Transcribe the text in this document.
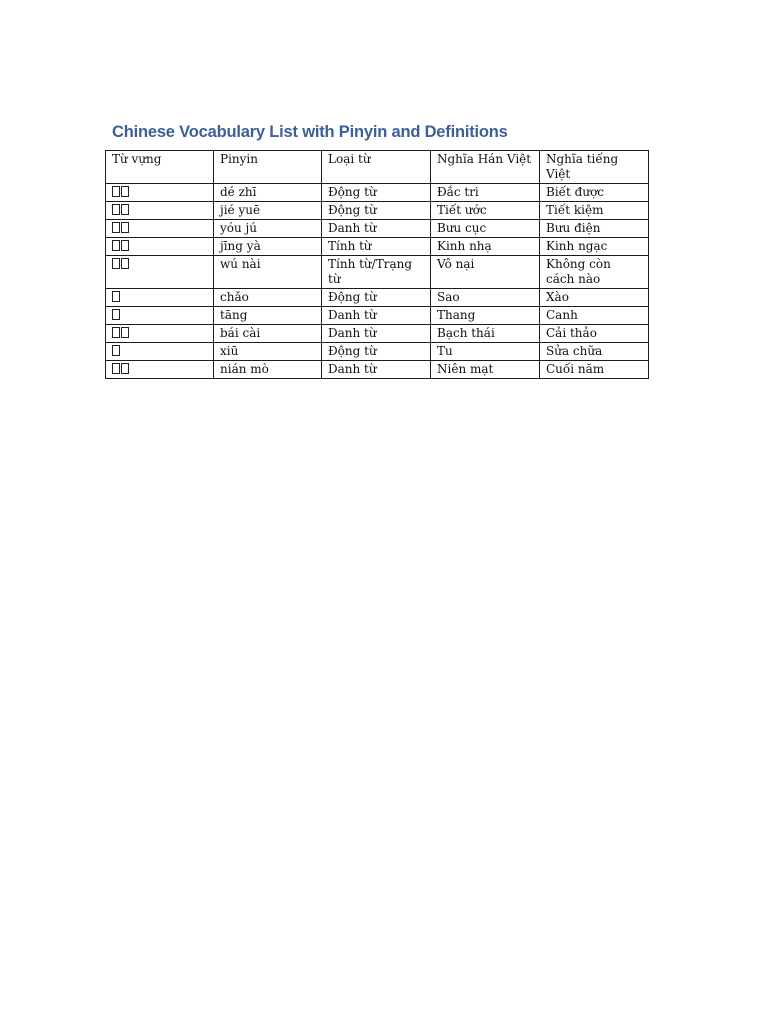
Chinese Vocabulary List with Pinyin and Definitions
Từ vựng	Pinyin	Loại từ	Nghĩa Hán Việt	Nghĩa tiếng Việt

	dé zhī	Động từ	Đắc tri	Biết được

	jié yuē	Động từ	Tiết ước	Tiết kiệm

	yóu jú	Danh từ	Bưu cục	Bưu điện

	jīng yà	Tính từ	Kinh nhạ	Kinh ngạc

	wú nài	Tính từ/Trạng từ	Vô nại	Không còn cách nào

	chǎo	Động từ	Sao	Xào

	tāng	Danh từ	Thang	Canh

	bái cài	Danh từ	Bạch thái	Cải thảo

	xiū	Động từ	Tu	Sửa chữa

	nián mò	Danh từ	Niên mạt	Cuối năm
